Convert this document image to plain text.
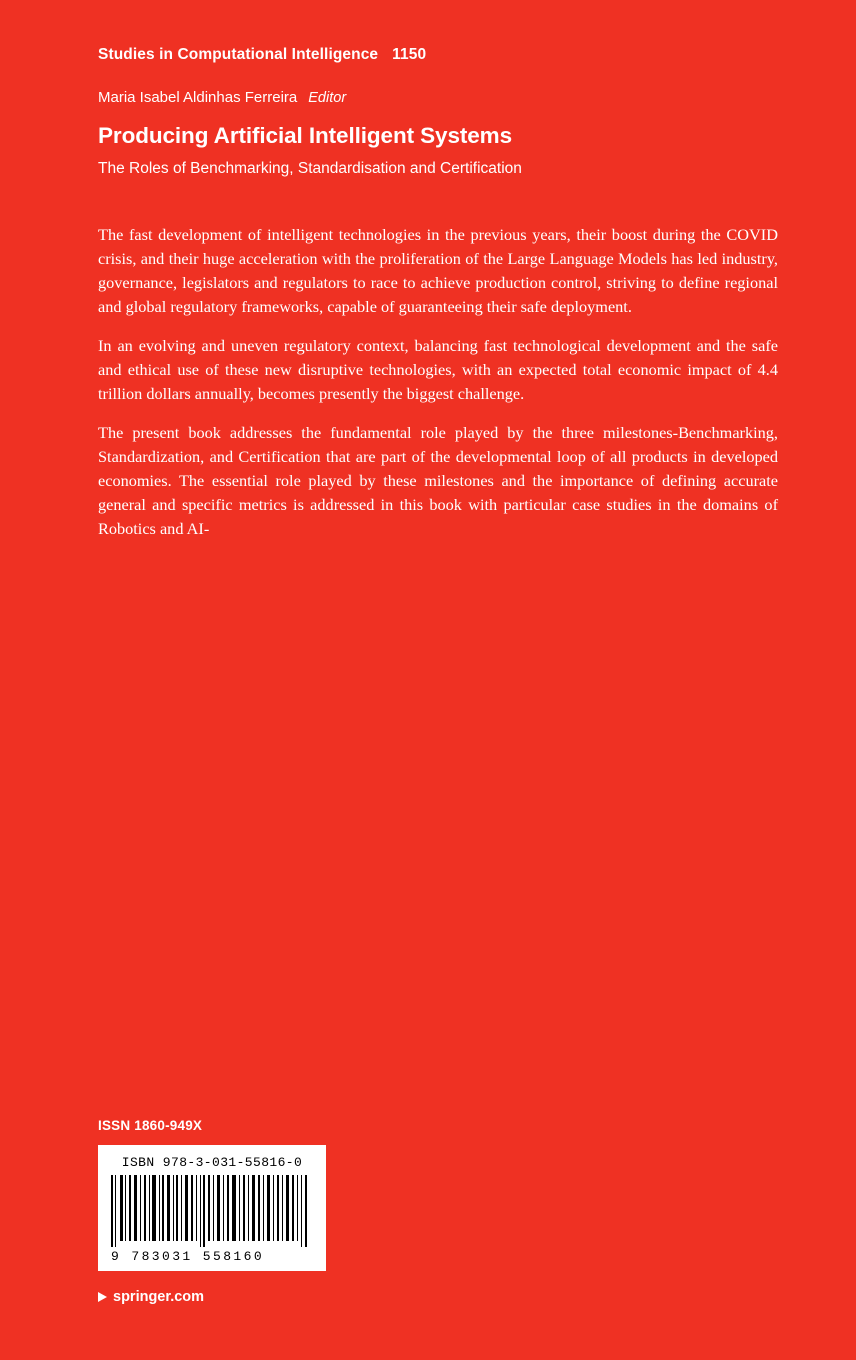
Studies in Computational Intelligence 1150
Maria Isabel Aldinhas Ferreira Editor
Producing Artificial Intelligent Systems
The Roles of Benchmarking, Standardisation and Certification

The fast development of intelligent technologies in the previous years, their boost during the COVID crisis, and their huge acceleration with the proliferation of the Large Language Models has led industry, governance, legislators and regulators to race to achieve production control, striving to define regional and global regulatory frameworks, capable of guaranteeing their safe deployment.

In an evolving and uneven regulatory context, balancing fast technological development and the safe and ethical use of these new disruptive technologies, with an expected total economic impact of 4.4 trillion dollars annually, becomes presently the biggest challenge.

The present book addresses the fundamental role played by the three milestones-Benchmarking, Standardization, and Certification that are part of the developmental loop of all products in developed economies. The essential role played by these milestones and the importance of defining accurate general and specific metrics is addressed in this book with particular case studies in the domains of Robotics and AI-

ISSN 1860-949X
ISBN 978-3-031-55816-0
9 783031 558160
springer.com
